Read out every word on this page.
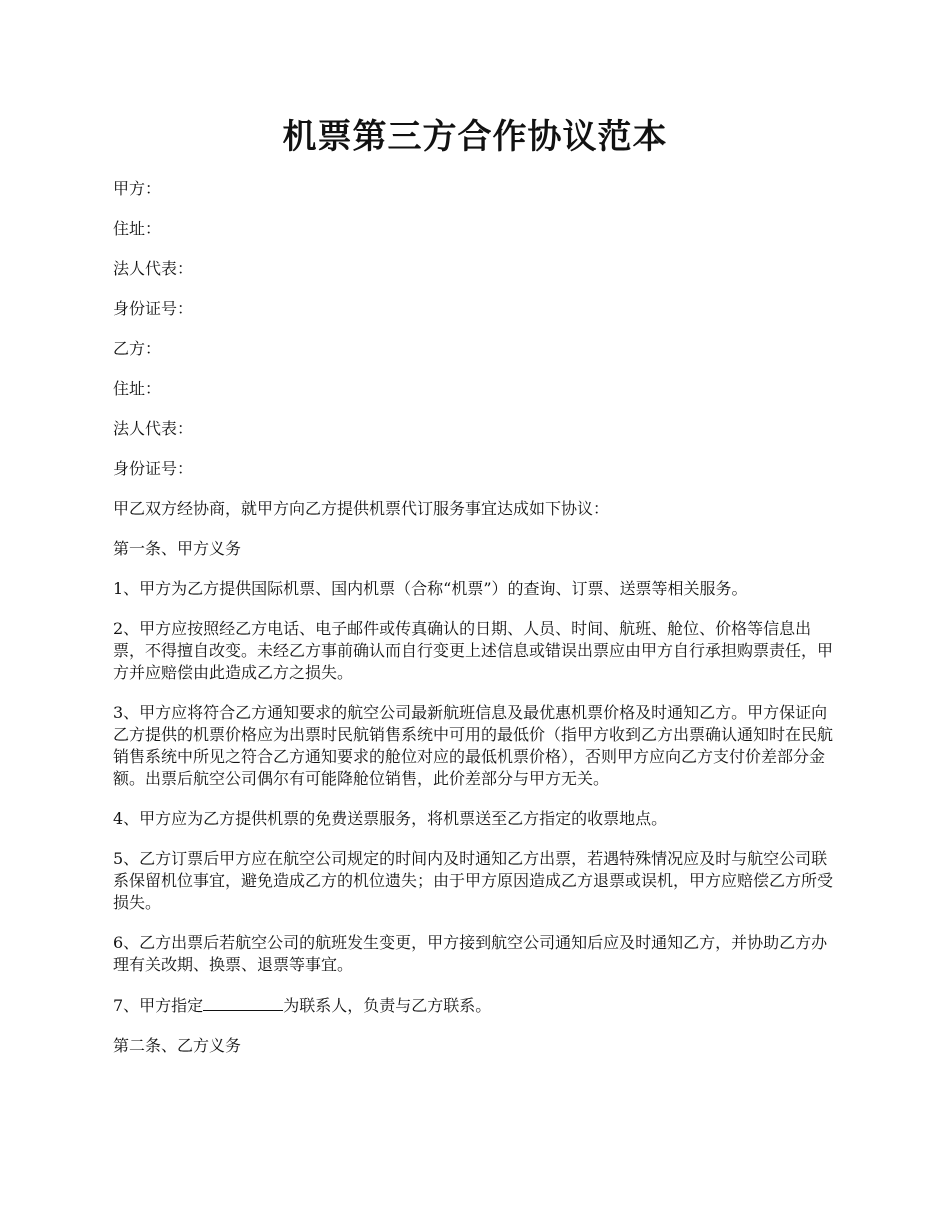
机票第三方合作协议范本

甲方：

住址：

法人代表：

身份证号：

乙方：

住址：

法人代表：

身份证号：

甲乙双方经协商，就甲方向乙方提供机票代订服务事宜达成如下协议：

第一条、甲方义务

1、甲方为乙方提供国际机票、国内机票（合称“机票”）的查询、订票、送票等相关服务。

2、甲方应按照经乙方电话、电子邮件或传真确认的日期、人员、时间、航班、舱位、价格等信息出票，不得擅自改变。未经乙方事前确认而自行变更上述信息或错误出票应由甲方自行承担购票责任，甲方并应赔偿由此造成乙方之损失。

3、甲方应将符合乙方通知要求的航空公司最新航班信息及最优惠机票价格及时通知乙方。甲方保证向乙方提供的机票价格应为出票时民航销售系统中可用的最低价（指甲方收到乙方出票确认通知时在民航销售系统中所见之符合乙方通知要求的舱位对应的最低机票价格），否则甲方应向乙方支付价差部分金额。出票后航空公司偶尔有可能降舱位销售，此价差部分与甲方无关。

4、甲方应为乙方提供机票的免费送票服务，将机票送至乙方指定的收票地点。

5、乙方订票后甲方应在航空公司规定的时间内及时通知乙方出票，若遇特殊情况应及时与航空公司联系保留机位事宜，避免造成乙方的机位遗失；由于甲方原因造成乙方退票或误机，甲方应赔偿乙方所受损失。

6、乙方出票后若航空公司的航班发生变更，甲方接到航空公司通知后应及时通知乙方，并协助乙方办理有关改期、换票、退票等事宜。

7、甲方指定	为联系人，负责与乙方联系。

第二条、乙方义务
